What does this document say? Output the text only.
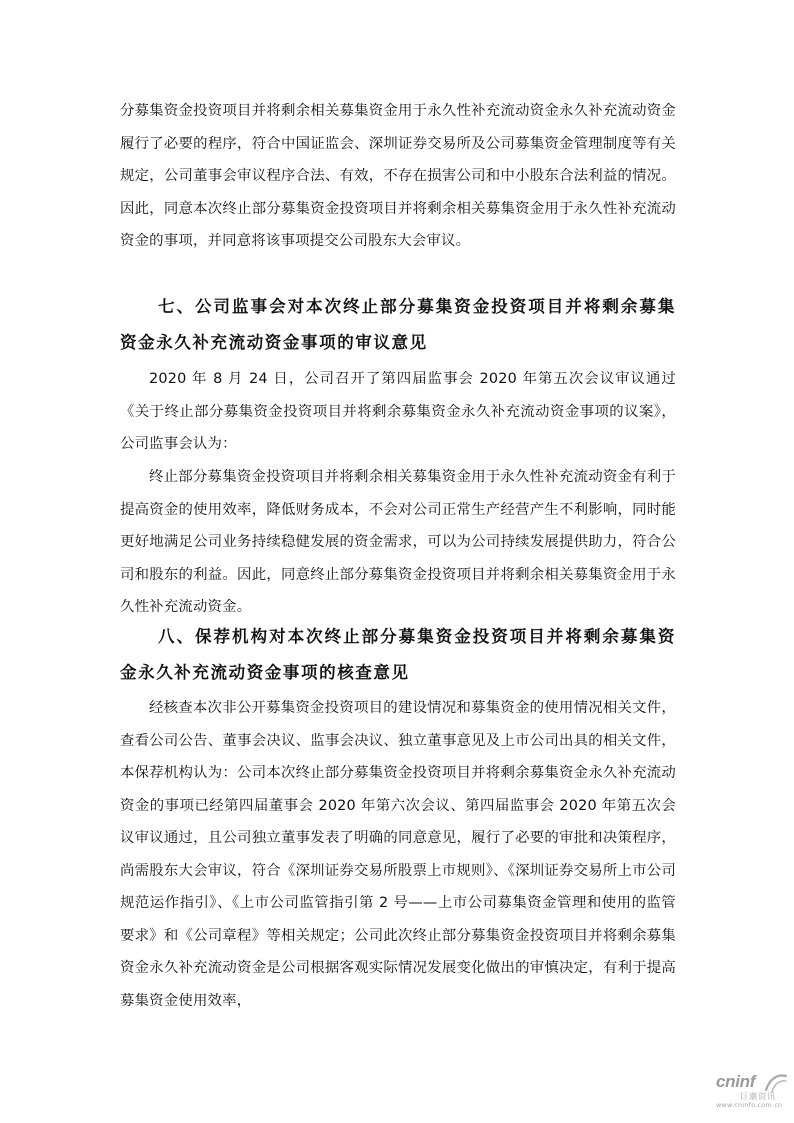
分募集资金投资项目并将剩余相关募集资金用于永久性补充流动资金永久补充流动资金履行了必要的程序，符合中国证监会、深圳证券交易所及公司募集资金管理制度等有关规定，公司董事会审议程序合法、有效，不存在损害公司和中小股东合法利益的情况。因此，同意本次终止部分募集资金投资项目并将剩余相关募集资金用于永久性补充流动资金的事项，并同意将该事项提交公司股东大会审议。

七、公司监事会对本次终止部分募集资金投资项目并将剩余募集资金永久补充流动资金事项的审议意见

2020 年 8 月 24 日，公司召开了第四届监事会 2020 年第五次会议审议通过《关于终止部分募集资金投资项目并将剩余募集资金永久补充流动资金事项的议案》，公司监事会认为：

终止部分募集资金投资项目并将剩余相关募集资金用于永久性补充流动资金有利于提高资金的使用效率，降低财务成本，不会对公司正常生产经营产生不利影响，同时能更好地满足公司业务持续稳健发展的资金需求，可以为公司持续发展提供助力，符合公司和股东的利益。因此，同意终止部分募集资金投资项目并将剩余相关募集资金用于永久性补充流动资金。

八、保荐机构对本次终止部分募集资金投资项目并将剩余募集资金永久补充流动资金事项的核查意见

经核查本次非公开募集资金投资项目的建设情况和募集资金的使用情况相关文件，查看公司公告、董事会决议、监事会决议、独立董事意见及上市公司出具的相关文件，本保荐机构认为：公司本次终止部分募集资金投资项目并将剩余募集资金永久补充流动资金的事项已经第四届董事会 2020 年第六次会议、第四届监事会 2020 年第五次会议审议通过，且公司独立董事发表了明确的同意意见，履行了必要的审批和决策程序，尚需股东大会审议，符合《深圳证券交易所股票上市规则》、《深圳证券交易所上市公司规范运作指引》、《上市公司监管指引第 2 号——上市公司募集资金管理和使用的监管要求》和《公司章程》等相关规定；公司此次终止部分募集资金投资项目并将剩余募集资金永久补充流动资金是公司根据客观实际情况发展变化做出的审慎决定，有利于提高募集资金使用效率，

cninf
巨潮资讯
www.cninfo.com.cn
